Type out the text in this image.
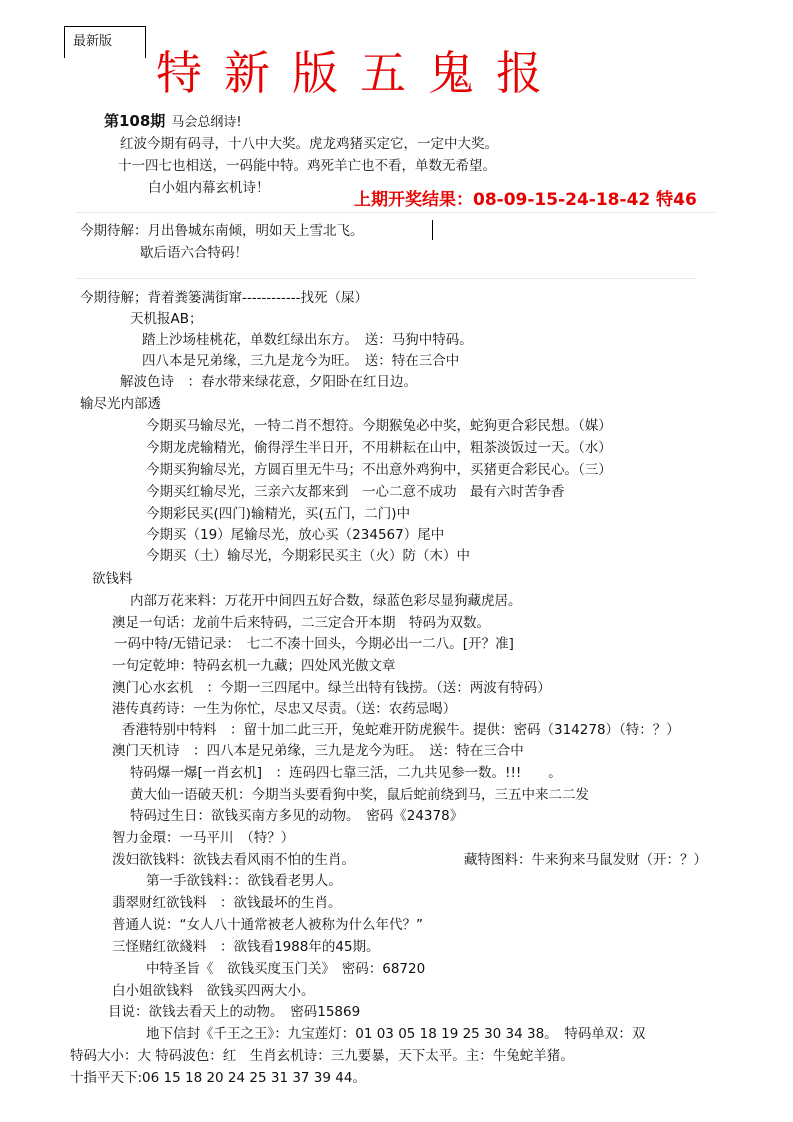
最新版
特新版五鬼报
第108期 马会总纲诗!
红波今期有码寻，十八中大奖。虎龙鸡猪买定它，一定中大奖。
十一四七也相送，一码能中特。鸡死羊亡也不看，单数无希望。
白小姐内幕玄机诗！
上期开奖结果：08-09-15-24-18-42 特46
今期待解：月出鲁城东南倾，明如天上雪北飞。
歇后语六合特码！
今期待解；背着粪篓满街窜------------找死（屎）
天机报AB；
踏上沙场桂桃花，单数红绿出东方。　送：马狗中特码。
四八本是兄弟缘，三九是龙今为旺。　送：特在三合中
解波色诗　：春水带来绿花意，夕阳卧在红日边。
输尽光内部透
今期买马输尽光，一特二肖不想符。今期猴兔必中奖，蛇狗更合彩民想。（媒）
今期龙虎输精光，偷得浮生半日开，不用耕耘在山中，粗茶淡饭过一天。（水）
今期买狗输尽光，方圆百里无牛马；不出意外鸡狗中，买猪更合彩民心。（三）
今期买红输尽光，三亲六友都来到　一心二意不成功　最有六时苦争香
今期彩民买(四门)输精光，买(五门，二门)中
今期买（19）尾输尽光，放心买（234567）尾中
今期买（土）输尽光，今期彩民买主（火）防（木）中
欲钱料
内部万花来料：万花开中间四五好合数，绿蓝色彩尽显狗藏虎居。
澳足一句话：龙前牛后来特码，二三定合开本期　特码为双数。
一码中特/无错记录：　七二不凑十回头，今期必出一二八。[开？准]
一句定乾坤：特码玄机一九藏；四处风光傲文章
澳门心水玄机　：今期一三四尾中。绿兰出特有钱捞。（送：两波有特码）
港传真药诗：一生为你忙，尽忠又尽责。（送：农药忌喝）
香港特别中特料　：留十加二此三开，兔蛇难开防虎猴牛。提供：密码（314278）（特：？）
澳门天机诗　：四八本是兄弟缘，三九是龙今为旺。　送：特在三合中
特码爆一爆[一肖玄机]　：连码四七靠三活，二九共见参一数。!!!　　。
黄大仙一语破天机：今期当头要看狗中奖，鼠后蛇前绕到马，三五中来二二发
特码过生日：欲钱买南方多见的动物。　密码《24378》
智力金環：一马平川　（特？）
泼妇欲钱料：欲钱去看风雨不怕的生肖。	藏特图料：牛来狗来马鼠发财（开：？）
第一手欲钱料：：欲钱看老男人。
翡翠财红欲钱料　：欲钱最坏的生肖。
普通人说：“女人八十通常被老人被称为什么年代？”
三怪赌红欲綫料　：欲钱看1988年的45期。
中特圣旨《　欲钱买度玉门关》　密码：68720
白小姐欲钱料　欲钱买四两大小。
目说：欲钱去看天上的动物。　密码15869
地下信封《千王之王》：九宝莲灯：01 03 05 18 19 25 30 34 38。　特码单双：双
特码大小：大 特码波色：红　生肖玄机诗：三九要暴，天下太平。主：牛兔蛇羊猪。
十指平天下:06 15 18 20 24 25 31 37 39 44。
